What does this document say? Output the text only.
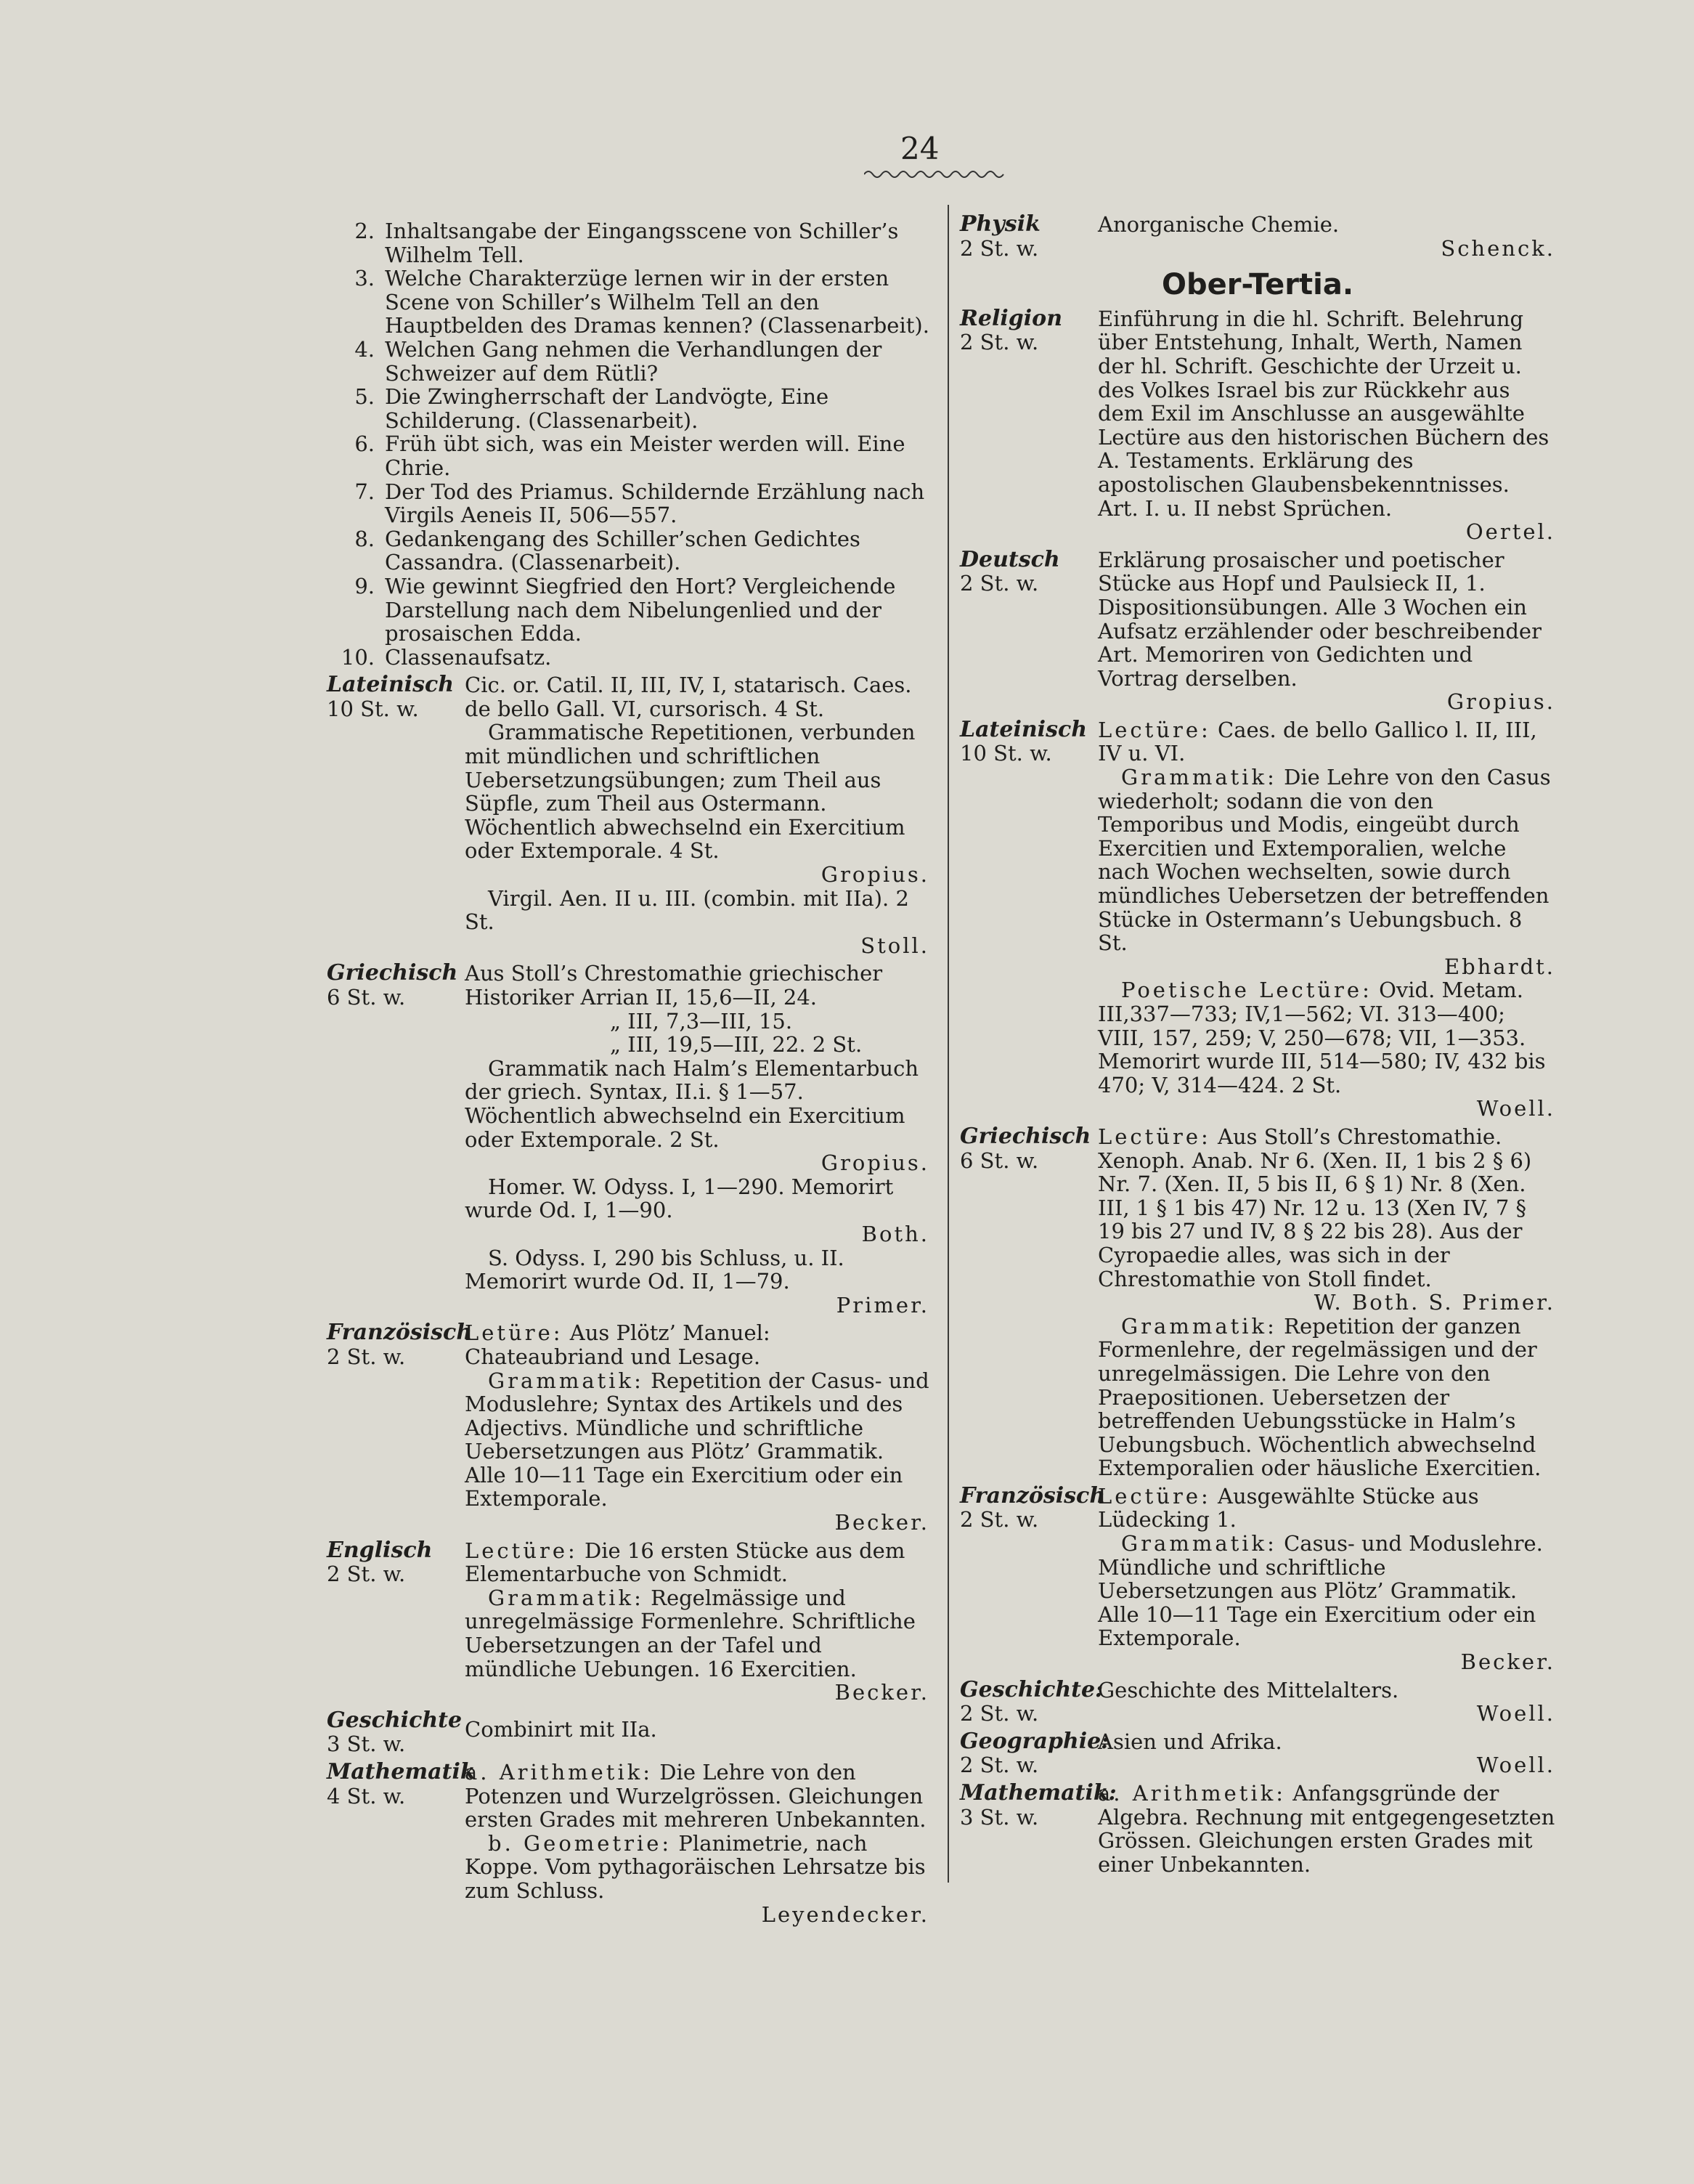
24
2. Inhaltsangabe der Eingangsscene von Schiller’s Wilhelm Tell.
3. Welche Charakterzüge lernen wir in der ersten Scene von Schiller’s Wilhelm Tell an den Hauptbelden des Dramas kennen? (Classenarbeit).
4. Welchen Gang nehmen die Verhandlungen der Schweizer auf dem Rütli?
5. Die Zwingherrschaft der Landvögte, Eine Schilderung. (Classenarbeit).
6. Früh übt sich, was ein Meister werden will. Eine Chrie.
7. Der Tod des Priamus. Schildernde Erzählung nach Virgils Aeneis II, 506—557.
8. Gedankengang des Schiller’schen Gedichtes Cassandra. (Classenarbeit).
9. Wie gewinnt Siegfried den Hort? Vergleichende Darstellung nach dem Nibelungenlied und der prosaischen Edda.
10. Classenaufsatz.
Lateinisch
10 St. w.
Cic. or. Catil. II, III, IV, I, statarisch. Caes. de bello Gall. VI, cursorisch. 4 St.
Grammatische Repetitionen, verbunden mit mündlichen und schriftlichen Uebersetzungsübungen; zum Theil aus Süpfle, zum Theil aus Ostermann. Wöchentlich abwechselnd ein Exercitium oder Extemporale. 4 St.
Gropius.
Virgil. Aen. II u. III. (combin. mit IIa). 2 St.
Stoll.
Griechisch
6 St. w.
Aus Stoll’s Chrestomathie griechischer Historiker Arrian II, 15,6—II, 24.
„ III, 7,3—III, 15.
„ III, 19,5—III, 22. 2 St.
Grammatik nach Halm’s Elementarbuch der griech. Syntax, II.i. § 1—57. Wöchentlich abwechselnd ein Exercitium oder Extemporale. 2 St.
Gropius.
Homer. W. Odyss. I, 1—290. Memorirt wurde Od. I, 1—90.
Both.
S. Odyss. I, 290 bis Schluss, u. II. Memorirt wurde Od. II, 1—79.
Primer.
Französisch
2 St. w.
Letüre: Aus Plötz’ Manuel: Chateaubriand und Lesage.
Grammatik: Repetition der Casus- und Moduslehre; Syntax des Artikels und des Adjectivs. Mündliche und schriftliche Uebersetzungen aus Plötz’ Grammatik. Alle 10—11 Tage ein Exercitium oder ein Extemporale.
Becker.
Englisch
2 St. w.
Lectüre: Die 16 ersten Stücke aus dem Elementarbuche von Schmidt.
Grammatik: Regelmässige und unregelmässige Formenlehre. Schriftliche Uebersetzungen an der Tafel und mündliche Uebungen. 16 Exercitien.
Becker.
Geschichte
3 St. w.
Combinirt mit IIa.
Mathematik
4 St. w.
a. Arithmetik: Die Lehre von den Potenzen und Wurzelgrössen. Gleichungen ersten Grades mit mehreren Unbekannten.
b. Geometrie: Planimetrie, nach Koppe. Vom pythagoräischen Lehrsatze bis zum Schluss.
Leyendecker.
Physik
2 St. w.
Anorganische Chemie.
Schenck.
Ober-Tertia.
Religion
2 St. w.
Einführung in die hl. Schrift. Belehrung über Entstehung, Inhalt, Werth, Namen der hl. Schrift. Geschichte der Urzeit u. des Volkes Israel bis zur Rückkehr aus dem Exil im Anschlusse an ausgewählte Lectüre aus den historischen Büchern des A. Testaments. Erklärung des apostolischen Glaubensbekenntnisses. Art. I. u. II nebst Sprüchen.
Oertel.
Deutsch
2 St. w.
Erklärung prosaischer und poetischer Stücke aus Hopf und Paulsieck II, 1. Dispositionsübungen. Alle 3 Wochen ein Aufsatz erzählender oder beschreibender Art. Memoriren von Gedichten und Vortrag derselben.
Gropius.
Lateinisch
10 St. w.
Lectüre: Caes. de bello Gallico l. II, III, IV u. VI.
Grammatik: Die Lehre von den Casus wiederholt; sodann die von den Temporibus und Modis, eingeübt durch Exercitien und Extemporalien, welche nach Wochen wechselten, sowie durch mündliches Uebersetzen der betreffenden Stücke in Ostermann’s Uebungsbuch. 8 St.
Ebhardt.
Poetische Lectüre: Ovid. Metam. III,337—733; IV,1—562; VI. 313—400; VIII, 157, 259; V, 250—678; VII, 1—353. Memorirt wurde III, 514—580; IV, 432 bis 470; V, 314—424. 2 St.
Woell.
Griechisch
6 St. w.
Lectüre: Aus Stoll’s Chrestomathie. Xenoph. Anab. Nr 6. (Xen. II, 1 bis 2 § 6) Nr. 7. (Xen. II, 5 bis II, 6 § 1) Nr. 8 (Xen. III, 1 § 1 bis 47) Nr. 12 u. 13 (Xen IV, 7 § 19 bis 27 und IV, 8 § 22 bis 28). Aus der Cyropaedie alles, was sich in der Chrestomathie von Stoll findet.
W. Both. S. Primer.
Grammatik: Repetition der ganzen Formenlehre, der regelmässigen und der unregelmässigen. Die Lehre von den Praepositionen. Uebersetzen der betreffenden Uebungsstücke in Halm’s Uebungsbuch. Wöchentlich abwechselnd Extemporalien oder häusliche Exercitien.
Französisch
2 St. w.
Lectüre: Ausgewählte Stücke aus Lüdecking 1.
Grammatik: Casus- und Moduslehre. Mündliche und schriftliche Uebersetzungen aus Plötz’ Grammatik. Alle 10—11 Tage ein Exercitium oder ein Extemporale.
Becker.
Geschichte:
2 St. w.
Geschichte des Mittelalters.
Woell.
Geographie:
2 St. w.
Asien und Afrika.
Woell.
Mathematik:
3 St. w.
a. Arithmetik: Anfangsgründe der Algebra. Rechnung mit entgegengesetzten Grössen. Gleichungen ersten Grades mit einer Unbekannten.
